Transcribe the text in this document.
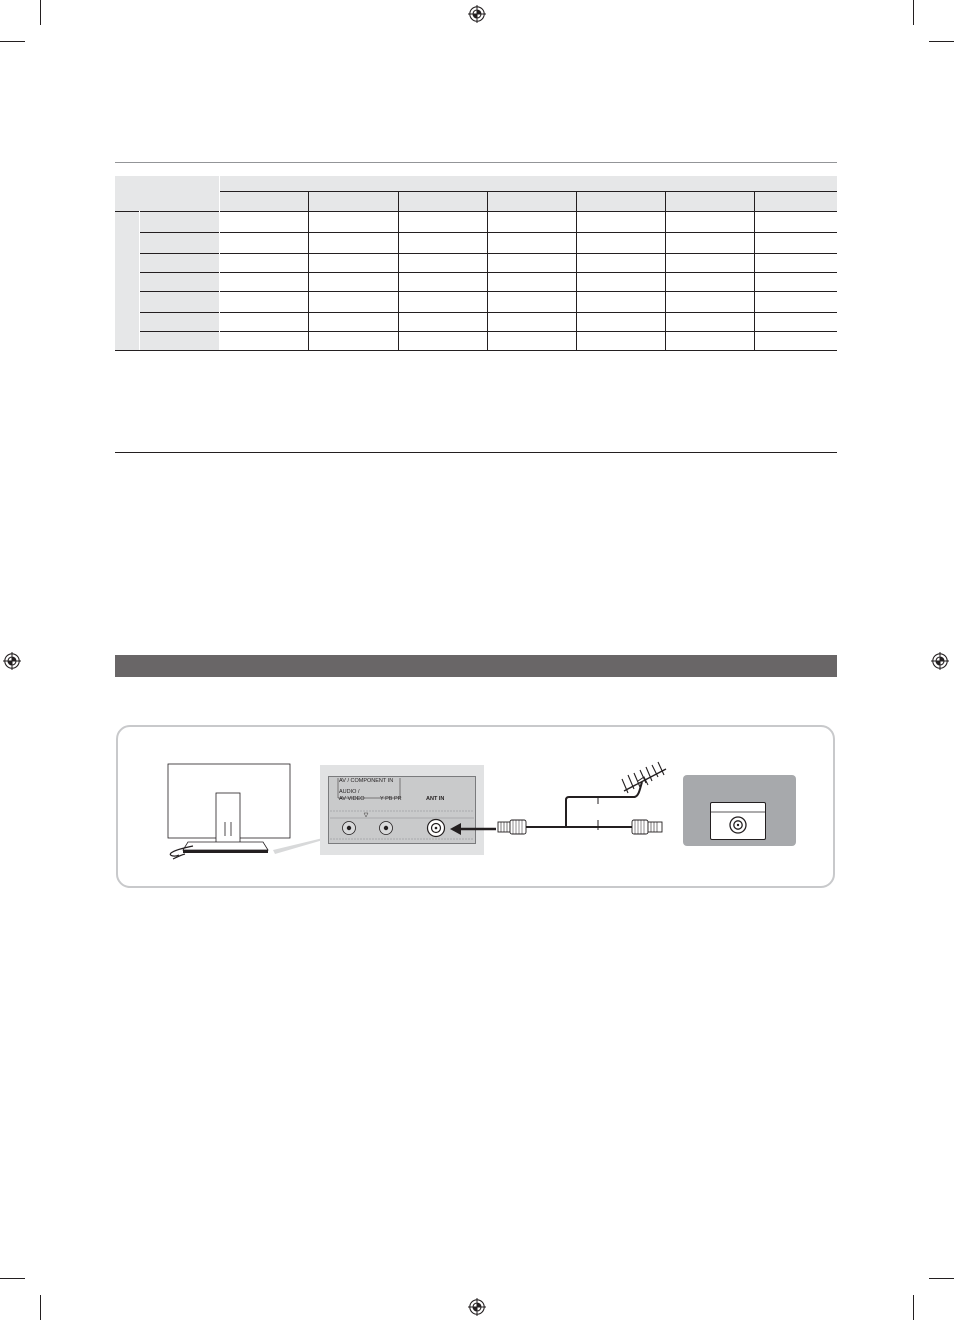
AV / COMPONENT IN
AUDIO /
AV VIDEO	Y PB PR	ANT IN
